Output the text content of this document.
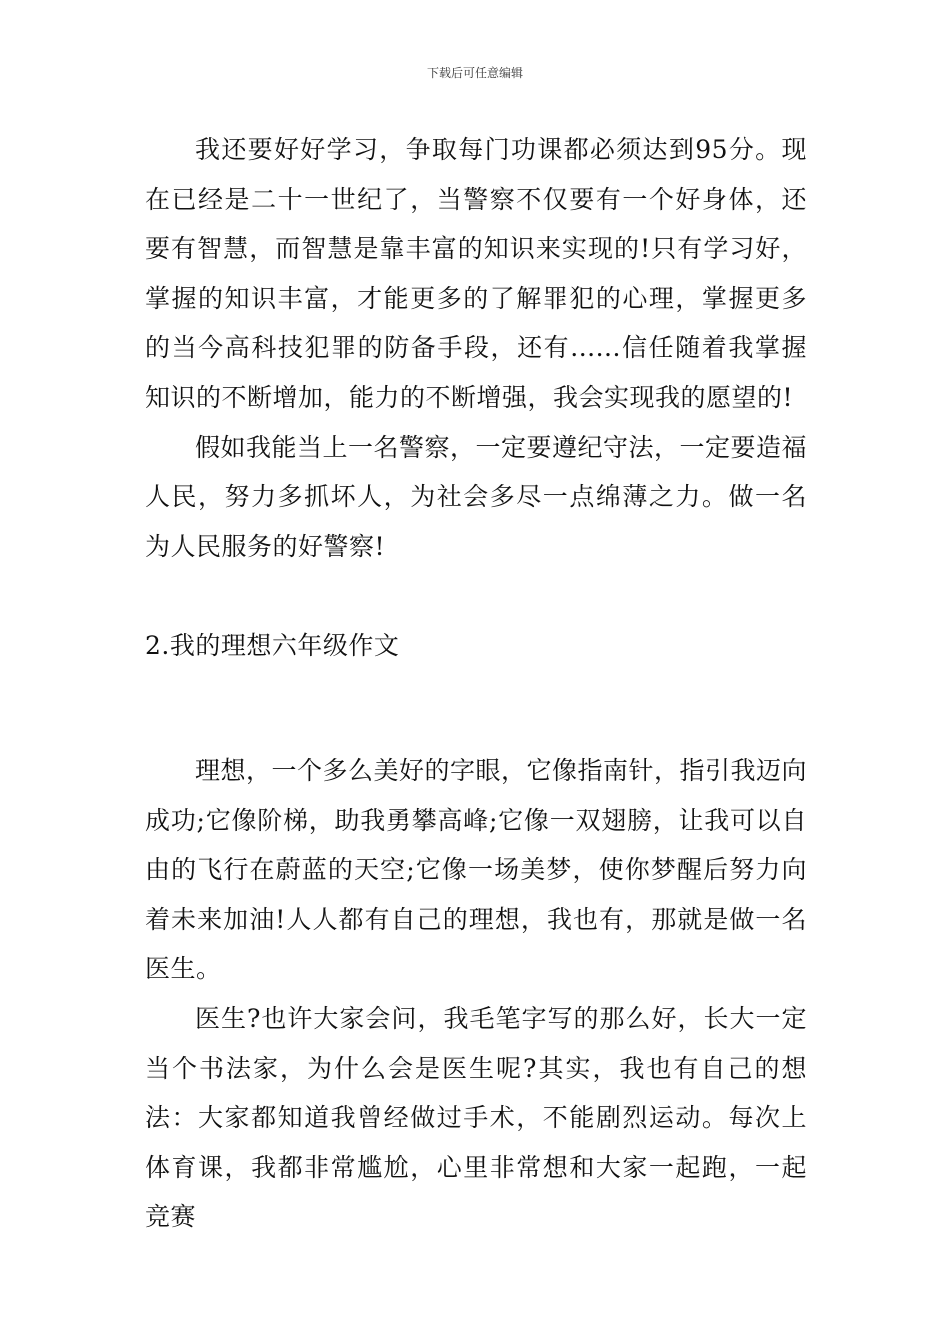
下载后可任意编辑

我还要好好学习，争取每门功课都必须达到95分。现在已经是二十一世纪了，当警察不仅要有一个好身体，还要有智慧，而智慧是靠丰富的知识来实现的!只有学习好，掌握的知识丰富，才能更多的了解罪犯的心理，掌握更多的当今高科技犯罪的防备手段，还有......信任随着我掌握知识的不断增加，能力的不断增强，我会实现我的愿望的!

假如我能当上一名警察，一定要遵纪守法，一定要造福人民，努力多抓坏人，为社会多尽一点绵薄之力。做一名为人民服务的好警察!

2.我的理想六年级作文

理想，一个多么美好的字眼，它像指南针，指引我迈向成功;它像阶梯，助我勇攀高峰;它像一双翅膀，让我可以自由的飞行在蔚蓝的天空;它像一场美梦，使你梦醒后努力向着未来加油!人人都有自己的理想，我也有，那就是做一名医生。

医生?也许大家会问，我毛笔字写的那么好，长大一定当个书法家，为什么会是医生呢?其实，我也有自己的想法：大家都知道我曾经做过手术，不能剧烈运动。每次上体育课，我都非常尴尬，心里非常想和大家一起跑，一起竞赛
